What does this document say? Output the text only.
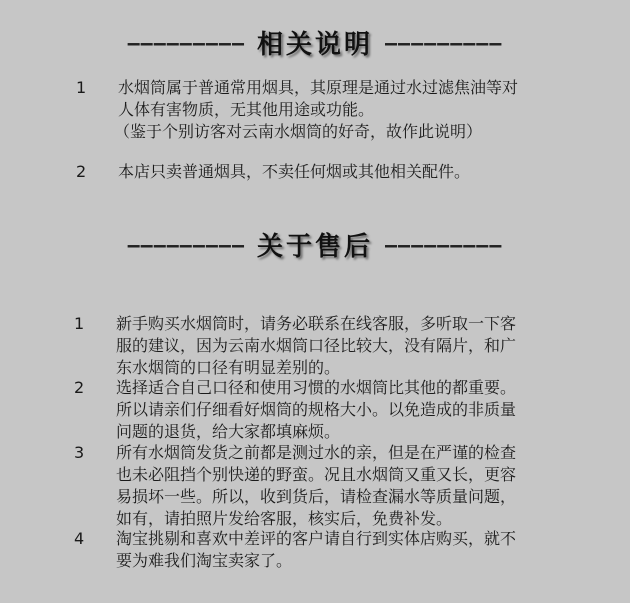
————————— 相关说明 —————————
1 水烟筒属于普通常用烟具，其原理是通过水过滤焦油等对
人体有害物质，无其他用途或功能。
（鉴于个别访客对云南水烟筒的好奇，故作此说明）
2 本店只卖普通烟具，不卖任何烟或其他相关配件。
————————— 关于售后 —————————
1 新手购买水烟筒时，请务必联系在线客服，多听取一下客
服的建议，因为云南水烟筒口径比较大，没有隔片，和广
东水烟筒的口径有明显差别的。
2 选择适合自己口径和使用习惯的水烟筒比其他的都重要。
所以请亲们仔细看好烟筒的规格大小。以免造成的非质量
问题的退货，给大家都填麻烦。
3 所有水烟筒发货之前都是测过水的亲，但是在严谨的检查
也未必阻挡个别快递的野蛮。况且水烟筒又重又长，更容
易损坏一些。所以，收到货后，请检查漏水等质量问题，
如有，请拍照片发给客服，核实后，免费补发。
4 淘宝挑剔和喜欢中差评的客户请自行到实体店购买，就不
要为难我们淘宝卖家了。
